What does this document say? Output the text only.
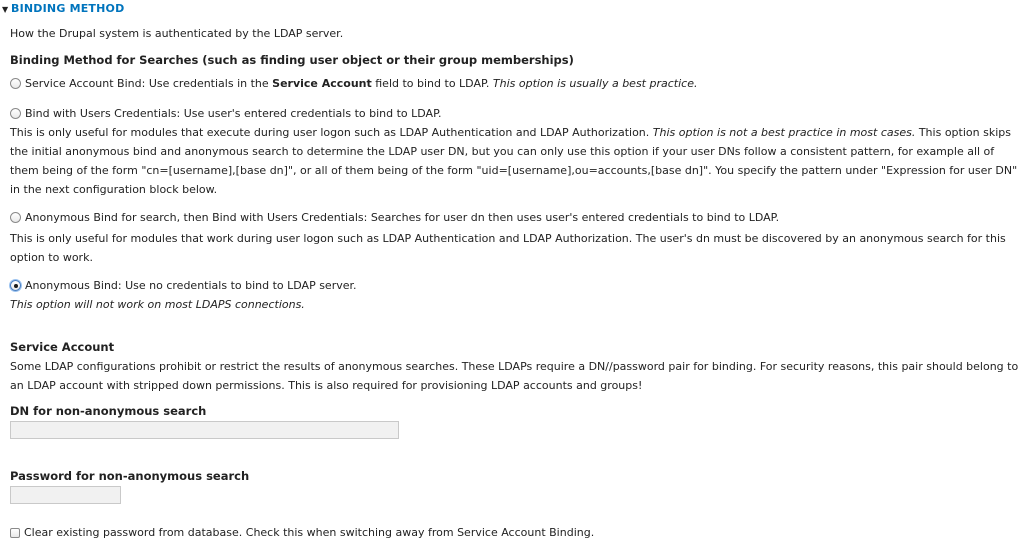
▼ BINDING METHOD
How the Drupal system is authenticated by the LDAP server.
Binding Method for Searches (such as finding user object or their group memberships)
Service Account Bind: Use credentials in the Service Account field to bind to LDAP. This option is usually a best practice.
Bind with Users Credentials: Use user's entered credentials to bind to LDAP.
This is only useful for modules that execute during user logon such as LDAP Authentication and LDAP Authorization. This option is not a best practice in most cases. This option skips the initial anonymous bind and anonymous search to determine the LDAP user DN, but you can only use this option if your user DNs follow a consistent pattern, for example all of them being of the form "cn=[username],[base dn]", or all of them being of the form "uid=[username],ou=accounts,[base dn]". You specify the pattern under "Expression for user DN" in the next configuration block below.
Anonymous Bind for search, then Bind with Users Credentials: Searches for user dn then uses user's entered credentials to bind to LDAP.
This is only useful for modules that work during user logon such as LDAP Authentication and LDAP Authorization. The user's dn must be discovered by an anonymous search for this option to work.
Anonymous Bind: Use no credentials to bind to LDAP server.
This option will not work on most LDAPS connections.
Service Account
Some LDAP configurations prohibit or restrict the results of anonymous searches. These LDAPs require a DN//password pair for binding. For security reasons, this pair should belong to an LDAP account with stripped down permissions. This is also required for provisioning LDAP accounts and groups!
DN for non-anonymous search
Password for non-anonymous search
Clear existing password from database. Check this when switching away from Service Account Binding.
